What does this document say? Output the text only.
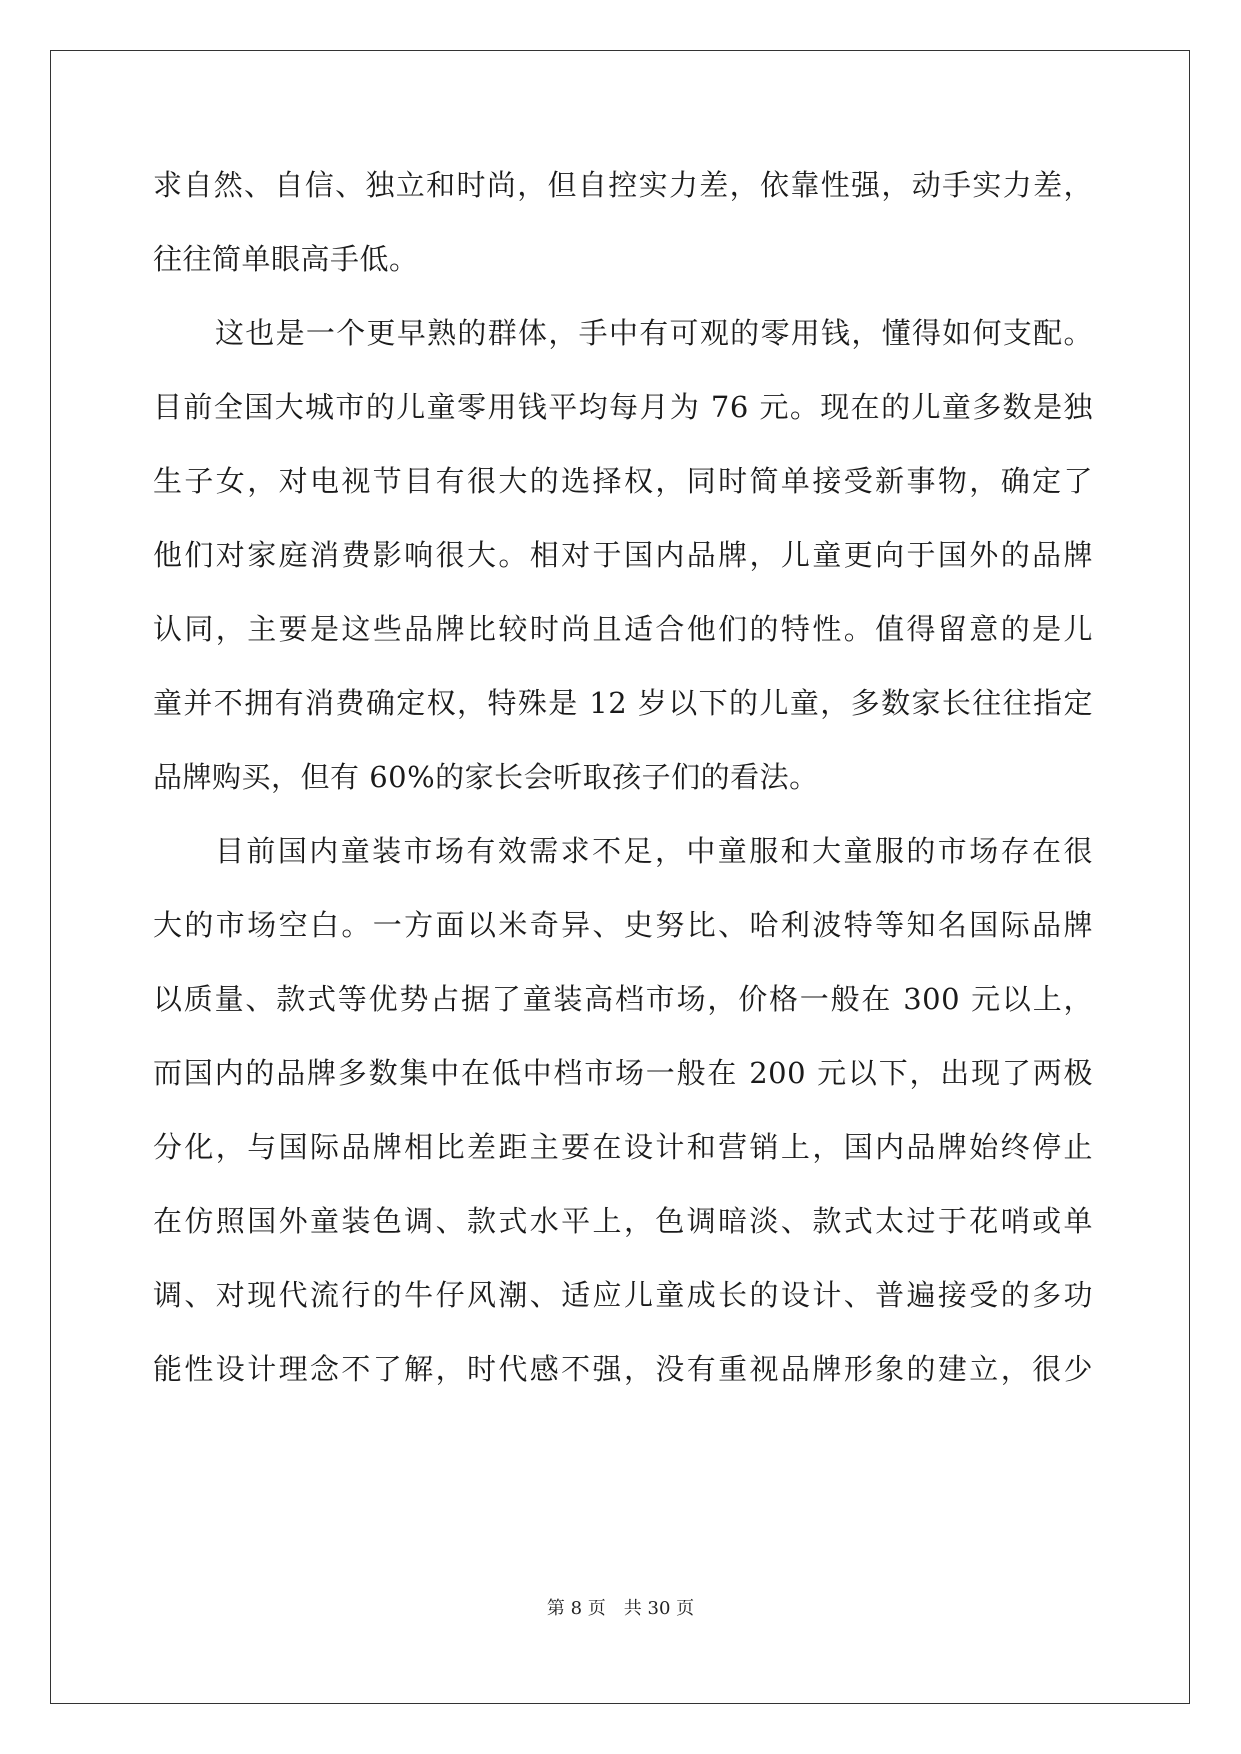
求自然、自信、独立和时尚，但自控实力差，依靠性强，动手实力差，
往往简单眼高手低。
这也是一个更早熟的群体，手中有可观的零用钱，懂得如何支配。
目前全国大城市的儿童零用钱平均每月为 76 元。现在的儿童多数是独
生子女，对电视节目有很大的选择权，同时简单接受新事物，确定了
他们对家庭消费影响很大。相对于国内品牌，儿童更向于国外的品牌
认同，主要是这些品牌比较时尚且适合他们的特性。值得留意的是儿
童并不拥有消费确定权，特殊是 12 岁以下的儿童，多数家长往往指定
品牌购买，但有 60%的家长会听取孩子们的看法。
目前国内童装市场有效需求不足，中童服和大童服的市场存在很
大的市场空白。一方面以米奇异、史努比、哈利波特等知名国际品牌
以质量、款式等优势占据了童装高档市场，价格一般在 300 元以上，
而国内的品牌多数集中在低中档市场一般在 200 元以下，出现了两极
分化，与国际品牌相比差距主要在设计和营销上，国内品牌始终停止
在仿照国外童装色调、款式水平上，色调暗淡、款式太过于花哨或单
调、对现代流行的牛仔风潮、适应儿童成长的设计、普遍接受的多功
能性设计理念不了解，时代感不强，没有重视品牌形象的建立，很少
第 8 页 共 30 页
